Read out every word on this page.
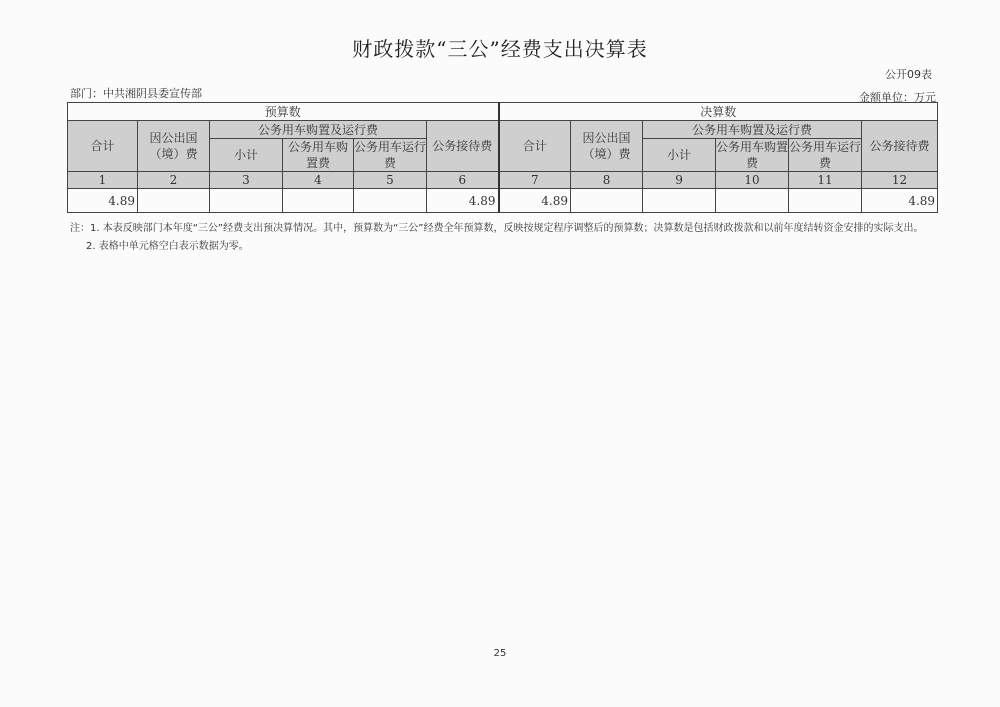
财政拨款“三公”经费支出决算表
公开09表
部门：中共湘阴县委宣传部	金额单位：万元
预算数						决算数					
合计	因公出国（境）费	公务用车购置及运行费			公务接待费	合计	因公出国（境）费	公务用车购置及运行费			公务接待费
		小计	公务用车购置费	公务用车运行费				小计	公务用车购置费	公务用车运行费	
1	2	3	4	5	6	7	8	9	10	11	12
4.89					4.89	4.89					4.89
注：1. 本表反映部门本年度“三公”经费支出预决算情况。其中，预算数为“三公”经费全年预算数，反映按规定程序调整后的预算数；决算数是包括财政拨款和以前年度结转资金安排的实际支出。
2. 表格中单元格空白表示数据为零。
25
